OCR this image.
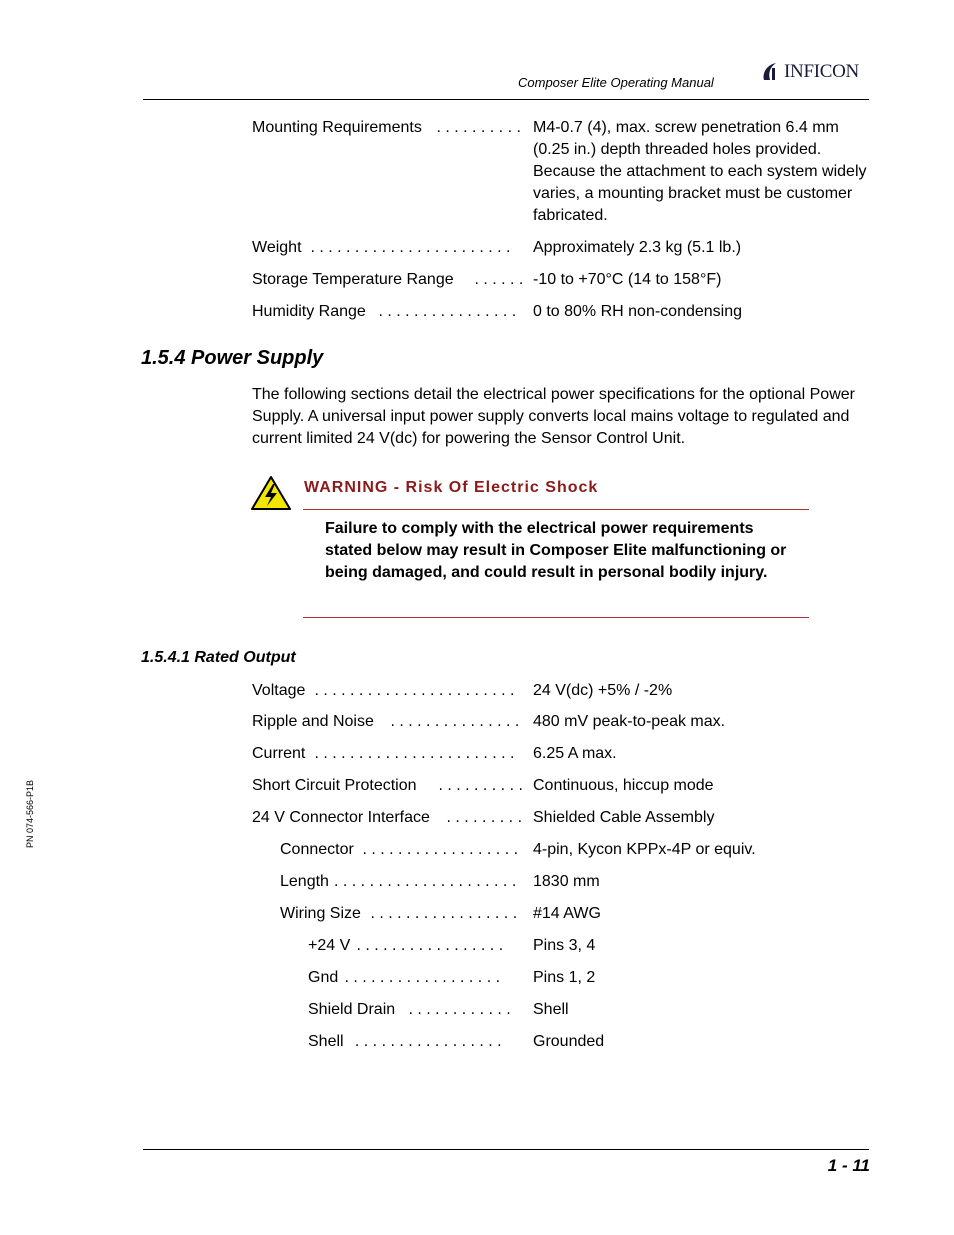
Composer Elite Operating Manual
INFICON
Mounting Requirements . . . . . . . . . . M4-0.7 (4), max. screw penetration 6.4 mm (0.25 in.) depth threaded holes provided. Because the attachment to each system widely varies, a mounting bracket must be customer fabricated.
Weight . . . . . . . . . . . . . . . . . . . . . . . Approximately 2.3 kg (5.1 lb.)
Storage Temperature Range . . . . . . -10 to +70°C (14 to 158°F)
Humidity Range . . . . . . . . . . . . . . . . 0 to 80% RH non-condensing
1.5.4 Power Supply
The following sections detail the electrical power specifications for the optional Power Supply. A universal input power supply converts local mains voltage to regulated and current limited 24 V(dc) for powering the Sensor Control Unit.
WARNING - Risk Of Electric Shock
Failure to comply with the electrical power requirements stated below may result in Composer Elite malfunctioning or being damaged, and could result in personal bodily injury.
1.5.4.1 Rated Output
Voltage . . . . . . . . . . . . . . . . . . . . . . . 24 V(dc) +5% / -2%
Ripple and Noise . . . . . . . . . . . . . . . 480 mV peak-to-peak max.
Current . . . . . . . . . . . . . . . . . . . . . . . 6.25 A max.
Short Circuit Protection . . . . . . . . . . Continuous, hiccup mode
24 V Connector Interface . . . . . . . . . Shielded Cable Assembly
Connector . . . . . . . . . . . . . . . . . . 4-pin, Kycon KPPx-4P or equiv.
Length . . . . . . . . . . . . . . . . . . . . . 1830 mm
Wiring Size . . . . . . . . . . . . . . . . . #14 AWG
+24 V . . . . . . . . . . . . . . . . . Pins 3, 4
Gnd . . . . . . . . . . . . . . . . . . Pins 1, 2
Shield Drain . . . . . . . . . . . . Shell
Shell . . . . . . . . . . . . . . . . . Grounded
PN 074-566-P1B
1 - 11
